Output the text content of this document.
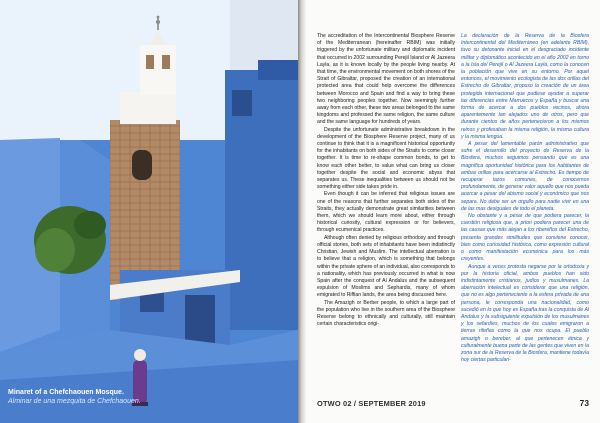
Minaret of a Chefchaouen Mosque.
Alminar de una mezquita de Chefchaouen.

The accreditation of the Intercontinental Biosphere Reserve of the Mediterranean (hereinafter RBIM) was initially triggered by the unfortunate military and diplomatic incident that occurred in 2002 surrounding Perejil Island or Al Jazeera Layla, as it is known locally by the people living nearby. At that time, the environmental movement on both shores of the Strait of Gibraltar, proposed the creation of an international protected area that could help overcome the differences between Morocco and Spain and find a way to bring these two neighboring peoples together. Now seemingly further away from each other, these two areas belonged to the same kingdoms and professed the same religion, the same culture and the same language for hundreds of years.

Despite the unfortunate administrative breakdown in the development of the Biosphere Reserve project, many of us continue to think that it is a magnificent historical opportunity for the inhabitants on both sides of the Straits to come closer together. It is time to re-shape common bonds, to get to know each other better, to value what can bring us closer together despite the social and economic abyss that separates us. These inequalities between us should not be something either side takes pride in.

Even though it can be inferred that religious issues are one of the reasons that further separates both sides of the Straits, they actually demonstrate great similarities between them, which we should learn more about, either through historical curiosity, cultural expression or for believers, through ecumenical practices.

Although often denied by religious orthodoxy and through official stories, both sets of inhabitants have been indistinctly Christian, Jewish and Muslim. The intellectual aberration is to believe that a religion, which is something that belongs within the private sphere of an individual, also corresponds to a nationality, which has previously occurred in what is now Spain after the conquest of Al Andalus and the subsequent expulsion of Moslims and Sephardis, many of whom emigrated to Riffian lands, the area being discussed here.

The Amazigh or Berber people, to which a large part of the population who live in the southern area of the Biosphere Reserve belong to ethnically and culturally, still maintain certain characteristics origi-

La declaración de la Reserva de la Biosfera Intercontinental del Mediterráneo (en adelante RBIM), tuvo su detonante inicial en el desgraciado incidente militar y diplomático acontecido en el año 2002 en torno a la Isla del Perejil o Al Jazeera Layla, como la conocen la población que vive en su entorno. Por aquel entonces, el movimiento ecologista de las dos orillas del Estrecho de Gibraltar, propuso la creación de un área protegida internacional que pudiese ayudar a superar las diferencias entre Marruecos y España y buscar una forma de acercar a dos pueblos vecinos, ahora aparentemente tan alejados uno de otros, pero que durante cientos de años pertenecieron a los mismos reinos y profesaban la misma religión, la misma cultura y la misma lengua.

A pesar del lamentable parón administrativo que sufre el desarrollo del proyecto de Reserva de la Biosfera, muchos seguimos pensando que es una magnífica oportunidad histórica para los habitantes de ambas orillas para acercarse al Estrecho. Es tiempo de recuperar lazos comunes, de conocernos profundamente, de generar valor aquello que nos pueda acercar a pesar del abismo social y económico que nos separa. No debe ser un orgullo para nadie vivir en una de las mas desiguales de todo el planeta.

No obstante y a pesar de que podiera parecer, la cuestión religiosa que, a priori podiera parecer una de las causas que más alejan a los ribereños del Estrecho, presenta grandes similitudes que conviene conocer, bien como curiosidad histórica, como expresión cultural o como manifestación ecuménica para los más creyentes.

Aunque a veces protesta negarse por la ortodoxia y por la historia oficial, ambos pueblos han sido indistintamente cristianos, judíos y musulmanes. La aberración intelectual es considerar que una religión, que no es algo perteneciente a la esfera privada de una persona, le corresponda una nacionalidad, como sucedió en lo que hoy es España tras la conquista de Al Andalus y la subsiguiente expulsión de los musulmanes y los sefardíes, muchos de los cuales emigraron a tierras rifeñas como la que nos ocupa. El pueblo amazigh o bereber, al que pertenecen étnica y culturalmente buena parte de las gentes que viven en la zona sur de la Reserva de la Biosfera, mantiene todavía hoy ciertas particulari-

OTWO 02 / SEPTEMBER 2019	73
